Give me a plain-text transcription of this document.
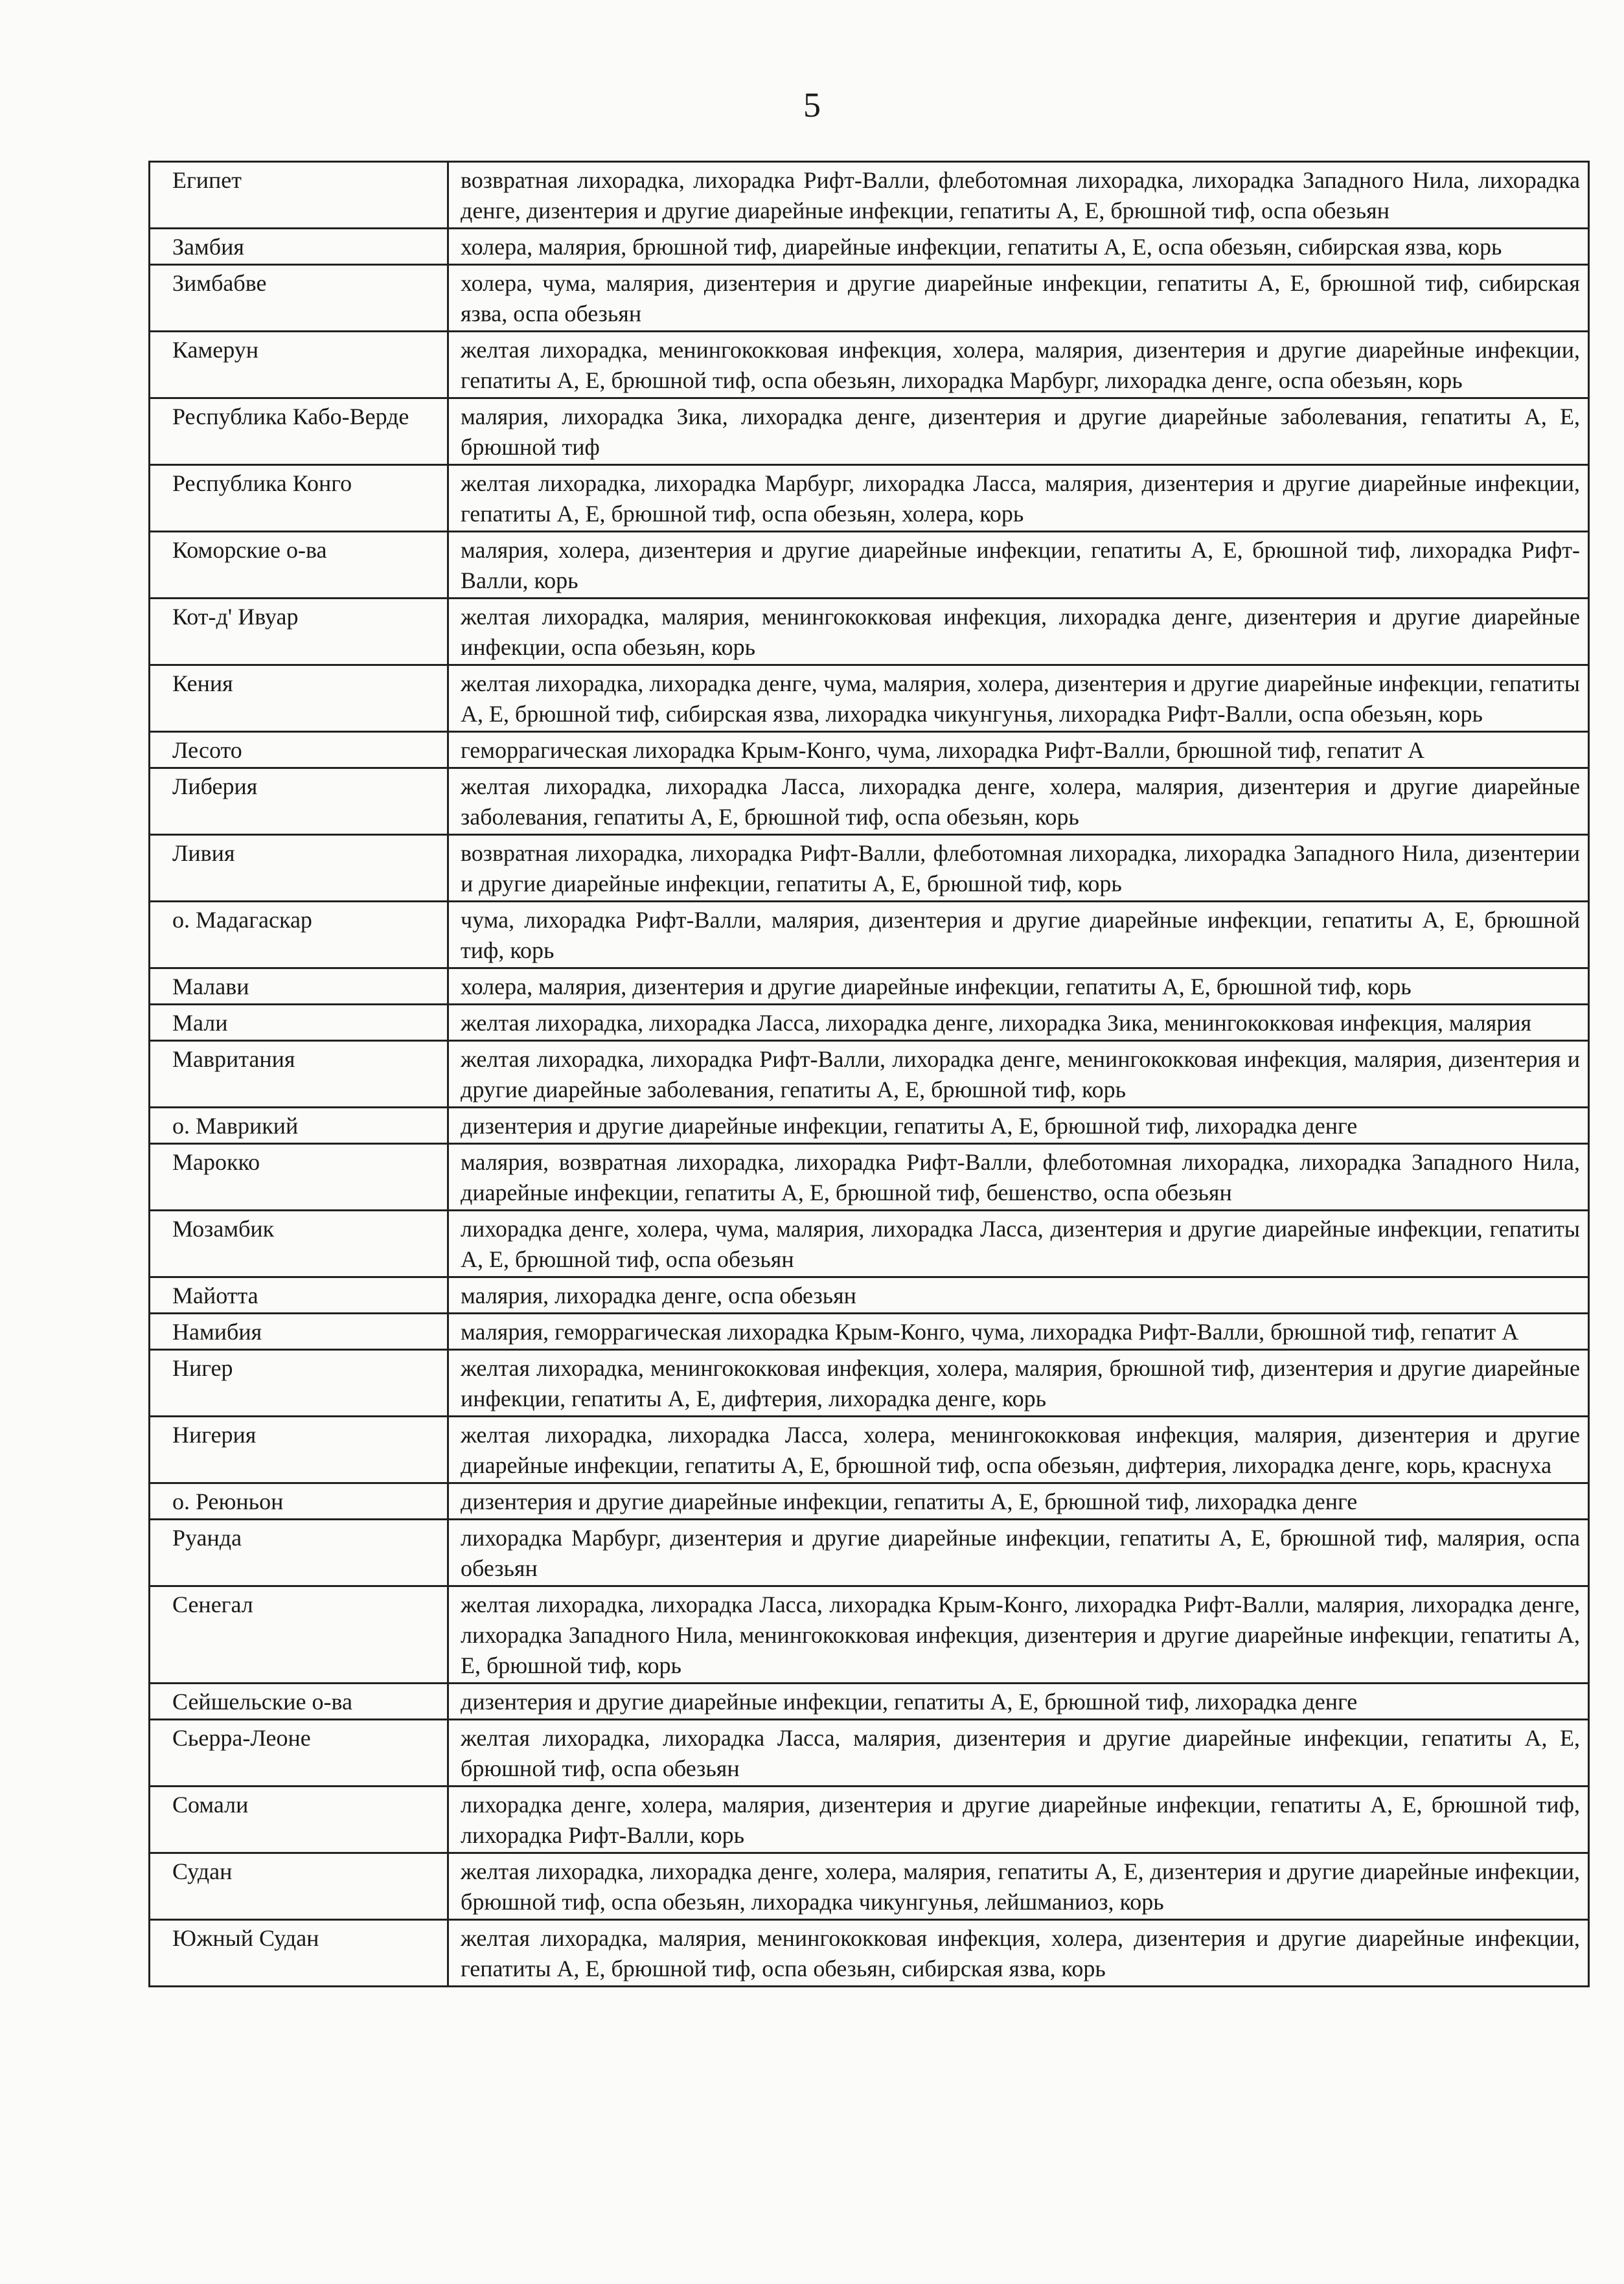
5
Египет	возвратная лихорадка, лихорадка Рифт-Валли, флеботомная лихорадка, лихорадка Западного Нила, лихорадка денге, дизентерия и другие диарейные инфекции, гепатиты А, Е, брюшной тиф, оспа обезьян
Замбия	холера, малярия, брюшной тиф, диарейные инфекции, гепатиты А, Е, оспа обезьян, сибирская язва, корь
Зимбабве	холера, чума, малярия, дизентерия и другие диарейные инфекции, гепатиты А, Е, брюшной тиф, сибирская язва, оспа обезьян
Камерун	желтая лихорадка, менингококковая инфекция, холера, малярия, дизентерия и другие диарейные инфекции, гепатиты А, Е, брюшной тиф, оспа обезьян, лихорадка Марбург, лихорадка денге, оспа обезьян, корь
Республика Кабо-Верде	малярия, лихорадка Зика, лихорадка денге, дизентерия и другие диарейные заболевания, гепатиты А, Е, брюшной тиф
Республика Конго	желтая лихорадка, лихорадка Марбург, лихорадка Ласса, малярия, дизентерия и другие диарейные инфекции, гепатиты А, Е, брюшной тиф, оспа обезьян, холера, корь
Коморские о-ва	малярия, холера, дизентерия и другие диарейные инфекции, гепатиты А, Е, брюшной тиф, лихорадка Рифт-Валли, корь
Кот-д' Ивуар	желтая лихорадка, малярия, менингококковая инфекция, лихорадка денге, дизентерия и другие диарейные инфекции, оспа обезьян, корь
Кения	желтая лихорадка, лихорадка денге, чума, малярия, холера, дизентерия и другие диарейные инфекции, гепатиты А, Е, брюшной тиф, сибирская язва, лихорадка чикунгунья, лихорадка Рифт-Валли, оспа обезьян, корь
Лесото	геморрагическая лихорадка Крым-Конго, чума, лихорадка Рифт-Валли, брюшной тиф, гепатит А
Либерия	желтая лихорадка, лихорадка Ласса, лихорадка денге, холера, малярия, дизентерия и другие диарейные заболевания, гепатиты А, Е, брюшной тиф, оспа обезьян, корь
Ливия	возвратная лихорадка, лихорадка Рифт-Валли, флеботомная лихорадка, лихорадка Западного Нила, дизентерии и другие диарейные инфекции, гепатиты А, Е, брюшной тиф, корь
о. Мадагаскар	чума, лихорадка Рифт-Валли, малярия, дизентерия и другие диарейные инфекции, гепатиты А, Е, брюшной тиф, корь
Малави	холера, малярия, дизентерия и другие диарейные инфекции, гепатиты А, Е, брюшной тиф, корь
Мали	желтая лихорадка, лихорадка Ласса, лихорадка денге, лихорадка Зика, менингококковая инфекция, малярия
Мавритания	желтая лихорадка, лихорадка Рифт-Валли, лихорадка денге, менингококковая инфекция, малярия, дизентерия и другие диарейные заболевания, гепатиты А, Е, брюшной тиф, корь
о. Маврикий	дизентерия и другие диарейные инфекции, гепатиты А, Е, брюшной тиф, лихорадка денге
Марокко	малярия, возвратная лихорадка, лихорадка Рифт-Валли, флеботомная лихорадка, лихорадка Западного Нила, диарейные инфекции, гепатиты А, Е, брюшной тиф, бешенство, оспа обезьян
Мозамбик	лихорадка денге, холера, чума, малярия, лихорадка Ласса, дизентерия и другие диарейные инфекции, гепатиты А, Е, брюшной тиф, оспа обезьян
Майотта	малярия, лихорадка денге, оспа обезьян
Намибия	малярия, геморрагическая лихорадка Крым-Конго, чума, лихорадка Рифт-Валли, брюшной тиф, гепатит А
Нигер	желтая лихорадка, менингококковая инфекция, холера, малярия, брюшной тиф, дизентерия и другие диарейные инфекции, гепатиты А, Е, дифтерия, лихорадка денге, корь
Нигерия	желтая лихорадка, лихорадка Ласса, холера, менингококковая инфекция, малярия, дизентерия и другие диарейные инфекции, гепатиты А, Е, брюшной тиф, оспа обезьян, дифтерия, лихорадка денге, корь, краснуха
о. Реюньон	дизентерия и другие диарейные инфекции, гепатиты А, Е, брюшной тиф, лихорадка денге
Руанда	лихорадка Марбург, дизентерия и другие диарейные инфекции, гепатиты А, Е, брюшной тиф, малярия, оспа обезьян
Сенегал	желтая лихорадка, лихорадка Ласса, лихорадка Крым-Конго, лихорадка Рифт-Валли, малярия, лихорадка денге, лихорадка Западного Нила, менингококковая инфекция, дизентерия и другие диарейные инфекции, гепатиты А, Е, брюшной тиф, корь
Сейшельские о-ва	дизентерия и другие диарейные инфекции, гепатиты А, Е, брюшной тиф, лихорадка денге
Сьерра-Леоне	желтая лихорадка, лихорадка Ласса, малярия, дизентерия и другие диарейные инфекции, гепатиты А, Е, брюшной тиф, оспа обезьян
Сомали	лихорадка денге, холера, малярия, дизентерия и другие диарейные инфекции, гепатиты А, Е, брюшной тиф, лихорадка Рифт-Валли, корь
Судан	желтая лихорадка, лихорадка денге, холера, малярия, гепатиты А, Е, дизентерия и другие диарейные инфекции, брюшной тиф, оспа обезьян, лихорадка чикунгунья, лейшманиоз, корь
Южный Судан	желтая лихорадка, малярия, менингококковая инфекция, холера, дизентерия и другие диарейные инфекции, гепатиты А, Е, брюшной тиф, оспа обезьян, сибирская язва, корь
